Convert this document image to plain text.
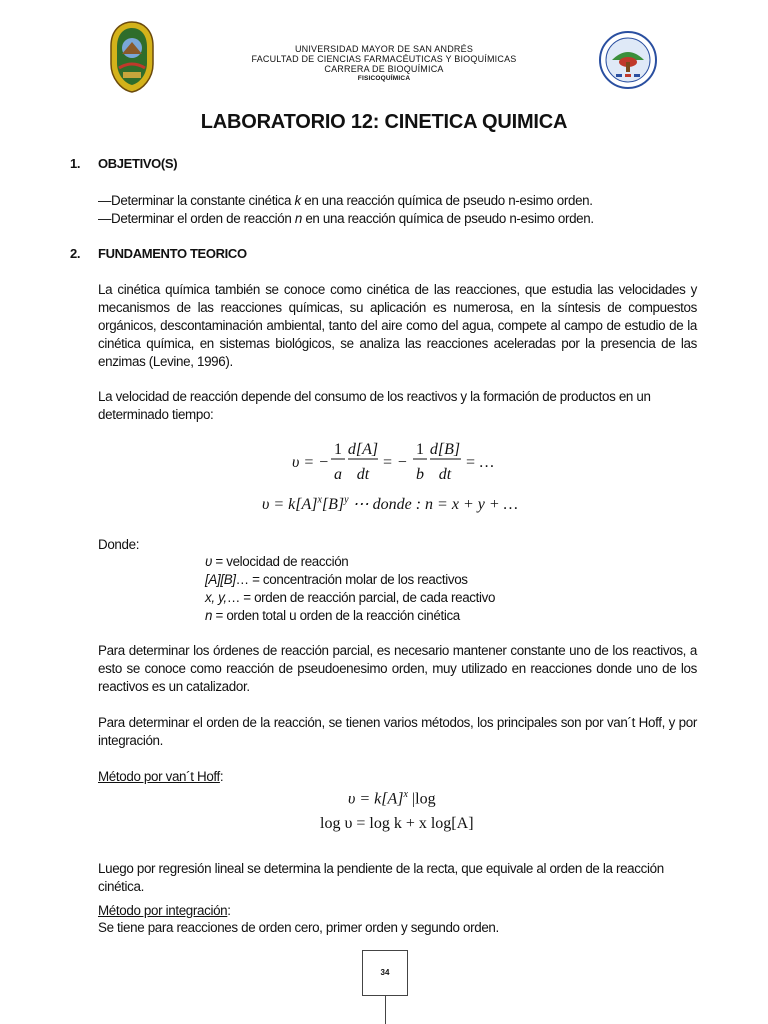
UNIVERSIDAD MAYOR DE SAN ANDRÉS
FACULTAD DE CIENCIAS FARMACÉUTICAS Y BIOQUÍMICAS
CARRERA DE BIOQUÍMICA
FISICOQUÍMICA
LABORATORIO 12: CINETICA QUIMICA
1. OBJETIVO(S)
—Determinar la constante cinética k en una reacción química de pseudo n-esimo orden.
—Determinar el orden de reacción n en una reacción química de pseudo n-esimo orden.
2. FUNDAMENTO TEORICO
La cinética química también se conoce como cinética de las reacciones, que estudia las velocidades y mecanismos de las reacciones químicas, su aplicación es numerosa, en la síntesis de compuestos orgánicos, descontaminación ambiental, tanto del aire como del agua, compete al campo de estudio de la cinética química, en sistemas biológicos, se analiza las reacciones aceleradas por la presencia de las enzimas (Levine, 1996).
La velocidad de reacción depende del consumo de los reactivos y la formación de productos en un determinado tiempo:
υ = −
1
a
d[A]
dt
= −
1
b
d[B]
dt
= …
$\upsilon = k[A]^x[B]^y$ ⋯ donde : n = x + y + …
Donde:
υ = velocidad de reacción
[A][B]… = concentración molar de los reactivos
x, y,… = orden de reacción parcial, de cada reactivo
n = orden total u orden de la reacción cinética
Para determinar los órdenes de reacción parcial, es necesario mantener constante uno de los reactivos, a esto se conoce como reacción de pseudoenesimo orden, muy utilizado en reacciones donde uno de los reactivos es un catalizador.
Para determinar el orden de la reacción, se tienen varios métodos, los principales son por van´t Hoff, y por integración.
Método por van´t Hoff:
$\upsilon = k[A]^x$ |log
log υ = log k + x log[A]
Luego por regresión lineal se determina la pendiente de la recta, que equivale al orden de la reacción cinética.
Método por integración:
Se tiene para reacciones de orden cero, primer orden y segundo orden.
34
